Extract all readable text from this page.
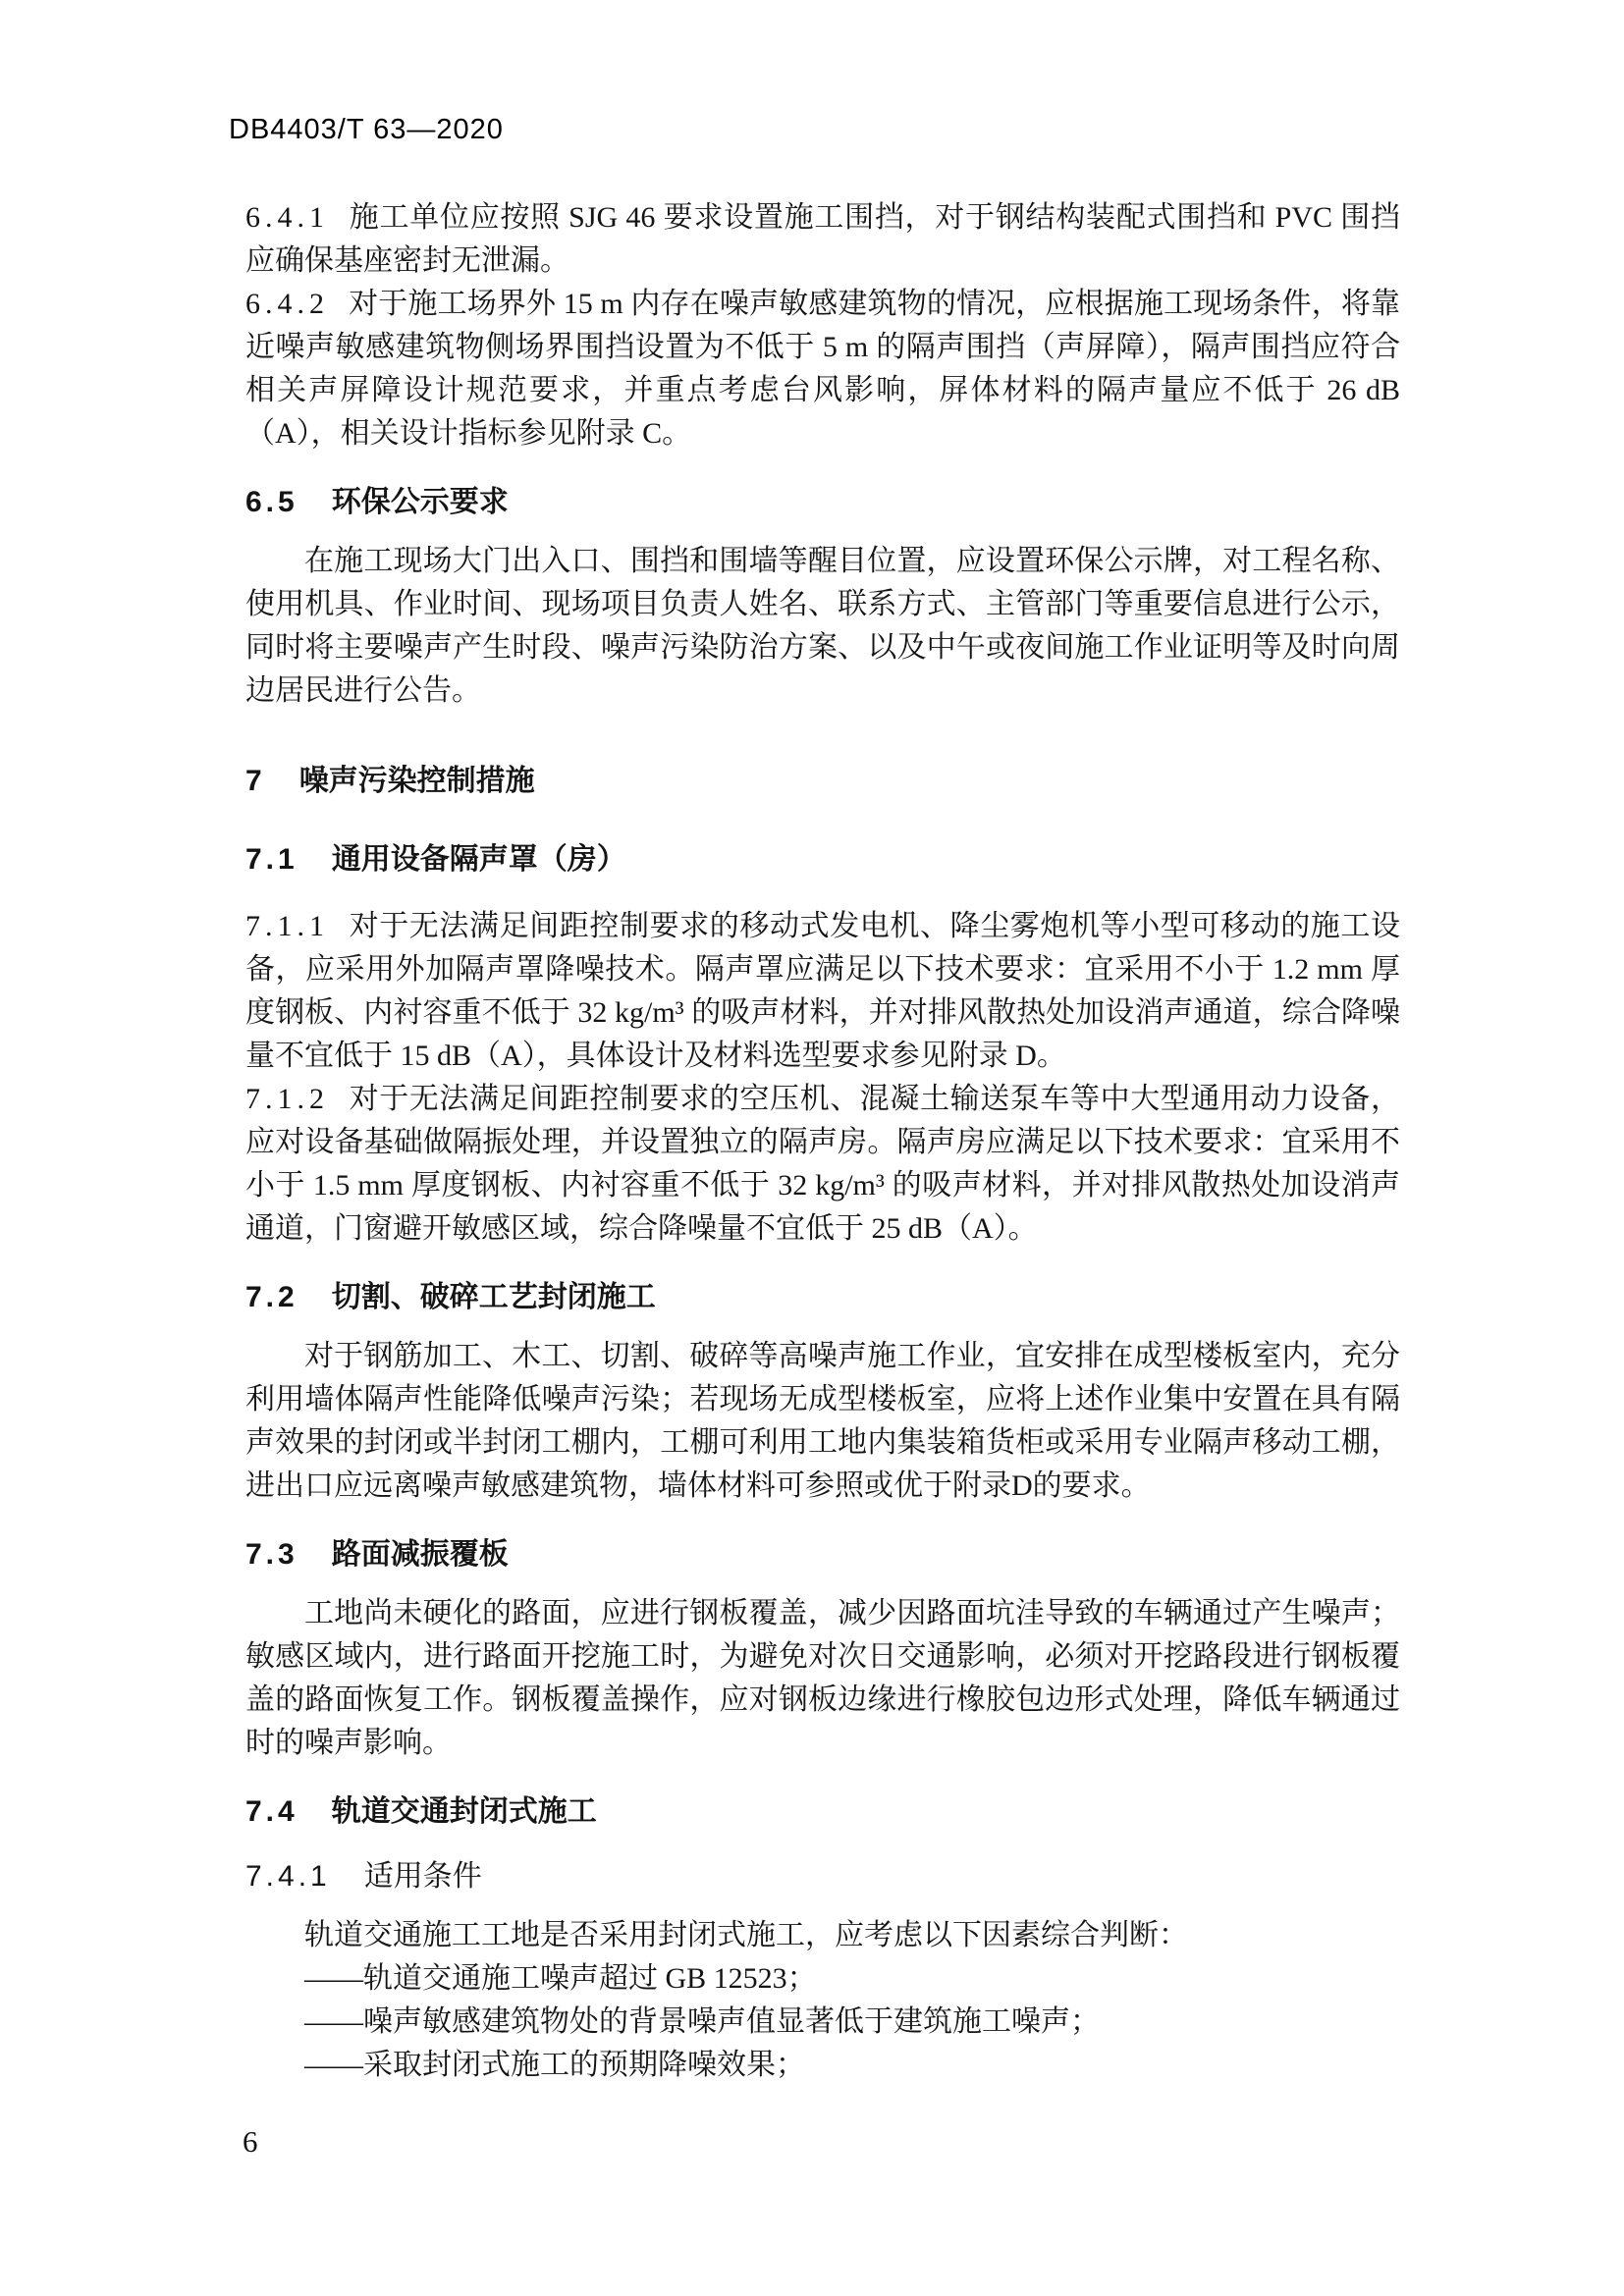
DB4403/T 63—2020

6.4.1 施工单位应按照 SJG 46 要求设置施工围挡，对于钢结构装配式围挡和 PVC 围挡应确保基座密封无泄漏。

6.4.2 对于施工场界外 15 m 内存在噪声敏感建筑物的情况，应根据施工现场条件，将靠近噪声敏感建筑物侧场界围挡设置为不低于 5 m 的隔声围挡（声屏障），隔声围挡应符合相关声屏障设计规范要求，并重点考虑台风影响，屏体材料的隔声量应不低于 26 dB（A），相关设计指标参见附录 C。

6.5 环保公示要求

在施工现场大门出入口、围挡和围墙等醒目位置，应设置环保公示牌，对工程名称、使用机具、作业时间、现场项目负责人姓名、联系方式、主管部门等重要信息进行公示，同时将主要噪声产生时段、噪声污染防治方案、以及中午或夜间施工作业证明等及时向周边居民进行公告。

7 噪声污染控制措施
7.1 通用设备隔声罩（房）

7.1.1 对于无法满足间距控制要求的移动式发电机、降尘雾炮机等小型可移动的施工设备，应采用外加隔声罩降噪技术。隔声罩应满足以下技术要求：宜采用不小于 1.2 mm 厚度钢板、内衬容重不低于 32 kg/m³ 的吸声材料，并对排风散热处加设消声通道，综合降噪量不宜低于 15 dB（A），具体设计及材料选型要求参见附录 D。

7.1.2 对于无法满足间距控制要求的空压机、混凝土输送泵车等中大型通用动力设备，应对设备基础做隔振处理，并设置独立的隔声房。隔声房应满足以下技术要求：宜采用不小于 1.5 mm 厚度钢板、内衬容重不低于 32 kg/m³ 的吸声材料，并对排风散热处加设消声通道，门窗避开敏感区域，综合降噪量不宜低于 25 dB（A）。

7.2 切割、破碎工艺封闭施工

对于钢筋加工、木工、切割、破碎等高噪声施工作业，宜安排在成型楼板室内，充分利用墙体隔声性能降低噪声污染；若现场无成型楼板室，应将上述作业集中安置在具有隔声效果的封闭或半封闭工棚内，工棚可利用工地内集装箱货柜或采用专业隔声移动工棚，进出口应远离噪声敏感建筑物，墙体材料可参照或优于附录D的要求。

7.3 路面减振覆板

工地尚未硬化的路面，应进行钢板覆盖，减少因路面坑洼导致的车辆通过产生噪声；敏感区域内，进行路面开挖施工时，为避免对次日交通影响，必须对开挖路段进行钢板覆盖的路面恢复工作。钢板覆盖操作，应对钢板边缘进行橡胶包边形式处理，降低车辆通过时的噪声影响。

7.4 轨道交通封闭式施工
7.4.1 适用条件

轨道交通施工工地是否采用封闭式施工，应考虑以下因素综合判断：

——轨道交通施工噪声超过 GB 12523；

——噪声敏感建筑物处的背景噪声值显著低于建筑施工噪声；

——采取封闭式施工的预期降噪效果；

6
